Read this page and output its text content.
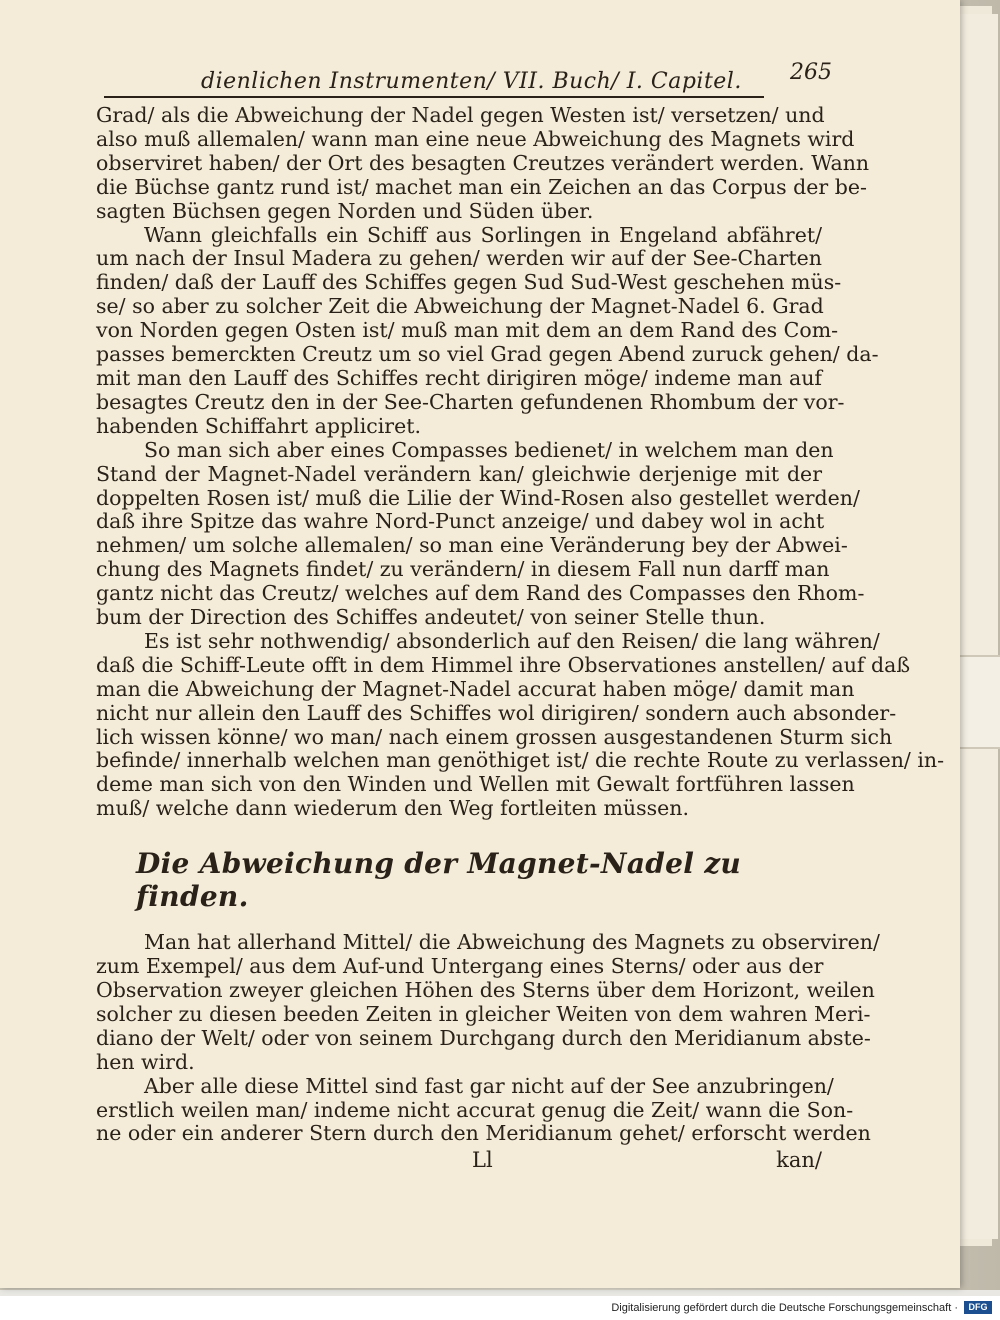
dienlichen Instrumenten/ VII. Buch/ I. Capitel. 265
Grad/ als die Abweichung der Nadel gegen Westen ist/ versetzen/ und
also muß allemalen/ wann man eine neue Abweichung des Magnets wird
observiret haben/ der Ort des besagten Creutzes verändert werden. Wann
die Büchse gantz rund ist/ machet man ein Zeichen an das Corpus der be-
sagten Büchsen gegen Norden und Süden über.
Wann gleichfalls ein Schiff aus Sorlingen in Engeland abfähret/
um nach der Insul Madera zu gehen/ werden wir auf der See-Charten
finden/ daß der Lauff des Schiffes gegen Sud Sud-West geschehen müs-
se/ so aber zu solcher Zeit die Abweichung der Magnet-Nadel 6. Grad
von Norden gegen Osten ist/ muß man mit dem an dem Rand des Com-
passes bemerckten Creutz um so viel Grad gegen Abend zuruck gehen/ da-
mit man den Lauff des Schiffes recht dirigiren möge/ indeme man auf
besagtes Creutz den in der See-Charten gefundenen Rhombum der vor-
habenden Schiffahrt appliciret.
So man sich aber eines Compasses bedienet/ in welchem man den
Stand der Magnet-Nadel verändern kan/ gleichwie derjenige mit der
doppelten Rosen ist/ muß die Lilie der Wind-Rosen also gestellet werden/
daß ihre Spitze das wahre Nord-Punct anzeige/ und dabey wol in acht
nehmen/ um solche allemalen/ so man eine Veränderung bey der Abwei-
chung des Magnets findet/ zu verändern/ in diesem Fall nun darff man
gantz nicht das Creutz/ welches auf dem Rand des Compasses den Rhom-
bum der Direction des Schiffes andeutet/ von seiner Stelle thun.
Es ist sehr nothwendig/ absonderlich auf den Reisen/ die lang währen/
daß die Schiff-Leute offt in dem Himmel ihre Observationes anstellen/ auf daß
man die Abweichung der Magnet-Nadel accurat haben möge/ damit man
nicht nur allein den Lauff des Schiffes wol dirigiren/ sondern auch absonder-
lich wissen könne/ wo man/ nach einem grossen ausgestandenen Sturm sich
befinde/ innerhalb welchen man genöthiget ist/ die rechte Route zu verlassen/ in-
deme man sich von den Winden und Wellen mit Gewalt fortführen lassen
muß/ welche dann wiederum den Weg fortleiten müssen.
Die Abweichung der Magnet-Nadel zu finden.
Man hat allerhand Mittel/ die Abweichung des Magnets zu observiren/
zum Exempel/ aus dem Auf-und Untergang eines Sterns/ oder aus der
Observation zweyer gleichen Höhen des Sterns über dem Horizont, weilen
solcher zu diesen beeden Zeiten in gleicher Weiten von dem wahren Meri-
diano der Welt/ oder von seinem Durchgang durch den Meridianum abste-
hen wird.
Aber alle diese Mittel sind fast gar nicht auf der See anzubringen/
erstlich weilen man/ indeme nicht accurat genug die Zeit/ wann die Son-
ne oder ein anderer Stern durch den Meridianum gehet/ erforscht werden
Ll	kan/
Digitalisierung gefördert durch die Deutsche Forschungsgemeinschaft ·	DFG
